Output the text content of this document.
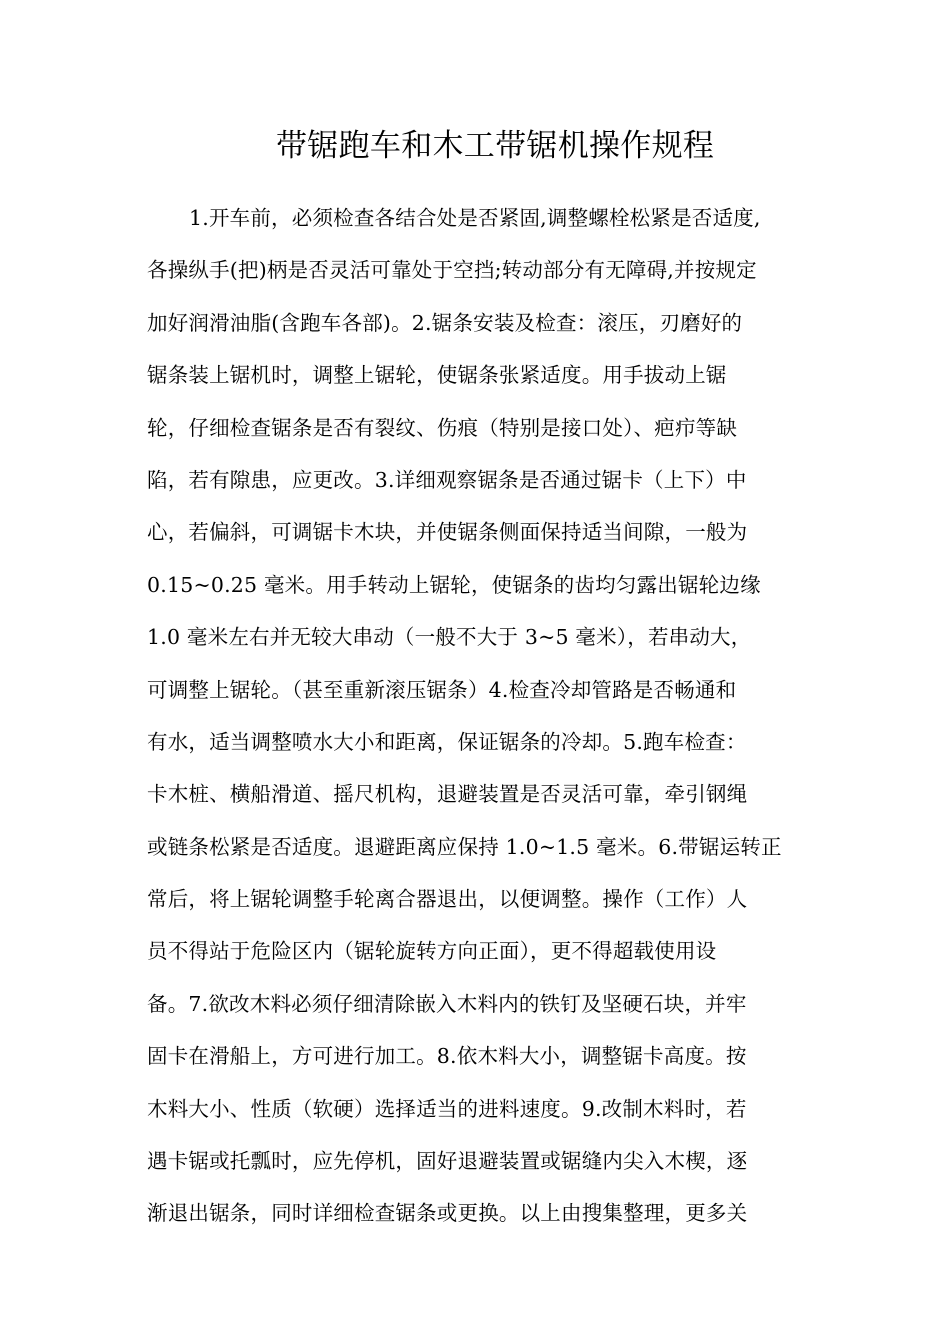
带锯跑车和木工带锯机操作规程
1.开车前，必须检查各结合处是否紧固,调整螺栓松紧是否适度,
各操纵手(把)柄是否灵活可靠处于空挡;转动部分有无障碍,并按规定
加好润滑油脂(含跑车各部)。2.锯条安装及检查：滚压，刃磨好的
锯条装上锯机时，调整上锯轮，使锯条张紧适度。用手拔动上锯
轮，仔细检查锯条是否有裂纹、伤痕（特别是接口处）、疤疖等缺
陷，若有隙患，应更改。3.详细观察锯条是否通过锯卡（上下）中
心，若偏斜，可调锯卡木块，并使锯条侧面保持适当间隙，一般为
0.15~0.25 毫米。用手转动上锯轮，使锯条的齿均匀露出锯轮边缘
1.0 毫米左右并无较大串动（一般不大于 3~5 毫米），若串动大，
可调整上锯轮。（甚至重新滚压锯条）4.检查冷却管路是否畅通和
有水，适当调整喷水大小和距离，保证锯条的冷却。5.跑车检查：
卡木桩、横船滑道、摇尺机构，退避装置是否灵活可靠，牵引钢绳
或链条松紧是否适度。退避距离应保持 1.0~1.5 毫米。6.带锯运转正
常后，将上锯轮调整手轮离合器退出，以便调整。操作（工作）人
员不得站于危险区内（锯轮旋转方向正面），更不得超载使用设
备。7.欲改木料必须仔细清除嵌入木料内的铁钉及坚硬石块，并牢
固卡在滑船上，方可进行加工。8.依木料大小，调整锯卡高度。按
木料大小、性质（软硬）选择适当的进料速度。9.改制木料时，若
遇卡锯或托瓢时，应先停机，固好退避装置或锯缝内尖入木楔，逐
渐退出锯条，同时详细检查锯条或更换。以上由搜集整理，更多关
